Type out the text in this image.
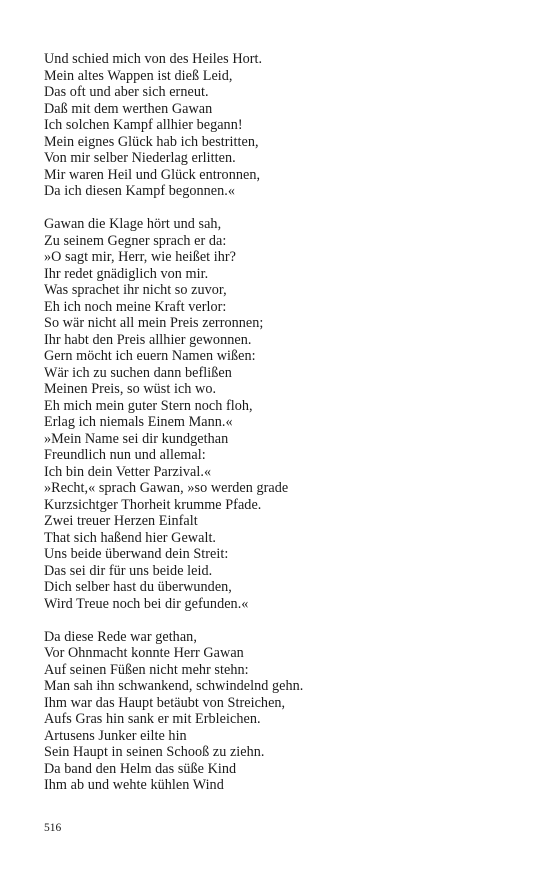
Und schied mich von des Heiles Hort.
Mein altes Wappen ist dieß Leid,
Das oft und aber sich erneut.
Daß mit dem werthen Gawan
Ich solchen Kampf allhier begann!
Mein eignes Glück hab ich bestritten,
Von mir selber Niederlag erlitten.
Mir waren Heil und Glück entronnen,
Da ich diesen Kampf begonnen.«
Gawan die Klage hört und sah,
Zu seinem Gegner sprach er da:
»O sagt mir, Herr, wie heißet ihr?
Ihr redet gnädiglich von mir.
Was sprachet ihr nicht so zuvor,
Eh ich noch meine Kraft verlor:
So wär nicht all mein Preis zerronnen;
Ihr habt den Preis allhier gewonnen.
Gern möcht ich euern Namen wißen:
Wär ich zu suchen dann beflißen
Meinen Preis, so wüst ich wo.
Eh mich mein guter Stern noch floh,
Erlag ich niemals Einem Mann.«
»Mein Name sei dir kundgethan
Freundlich nun und allemal:
Ich bin dein Vetter Parzival.«
»Recht,« sprach Gawan, »so werden grade
Kurzsichtger Thorheit krumme Pfade.
Zwei treuer Herzen Einfalt
That sich haßend hier Gewalt.
Uns beide überwand dein Streit:
Das sei dir für uns beide leid.
Dich selber hast du überwunden,
Wird Treue noch bei dir gefunden.«
Da diese Rede war gethan,
Vor Ohnmacht konnte Herr Gawan
Auf seinen Füßen nicht mehr stehn:
Man sah ihn schwankend, schwindelnd gehn.
Ihm war das Haupt betäubt von Streichen,
Aufs Gras hin sank er mit Erbleichen.
Artusens Junker eilte hin
Sein Haupt in seinen Schooß zu ziehn.
Da band den Helm das süße Kind
Ihm ab und wehte kühlen Wind
516
